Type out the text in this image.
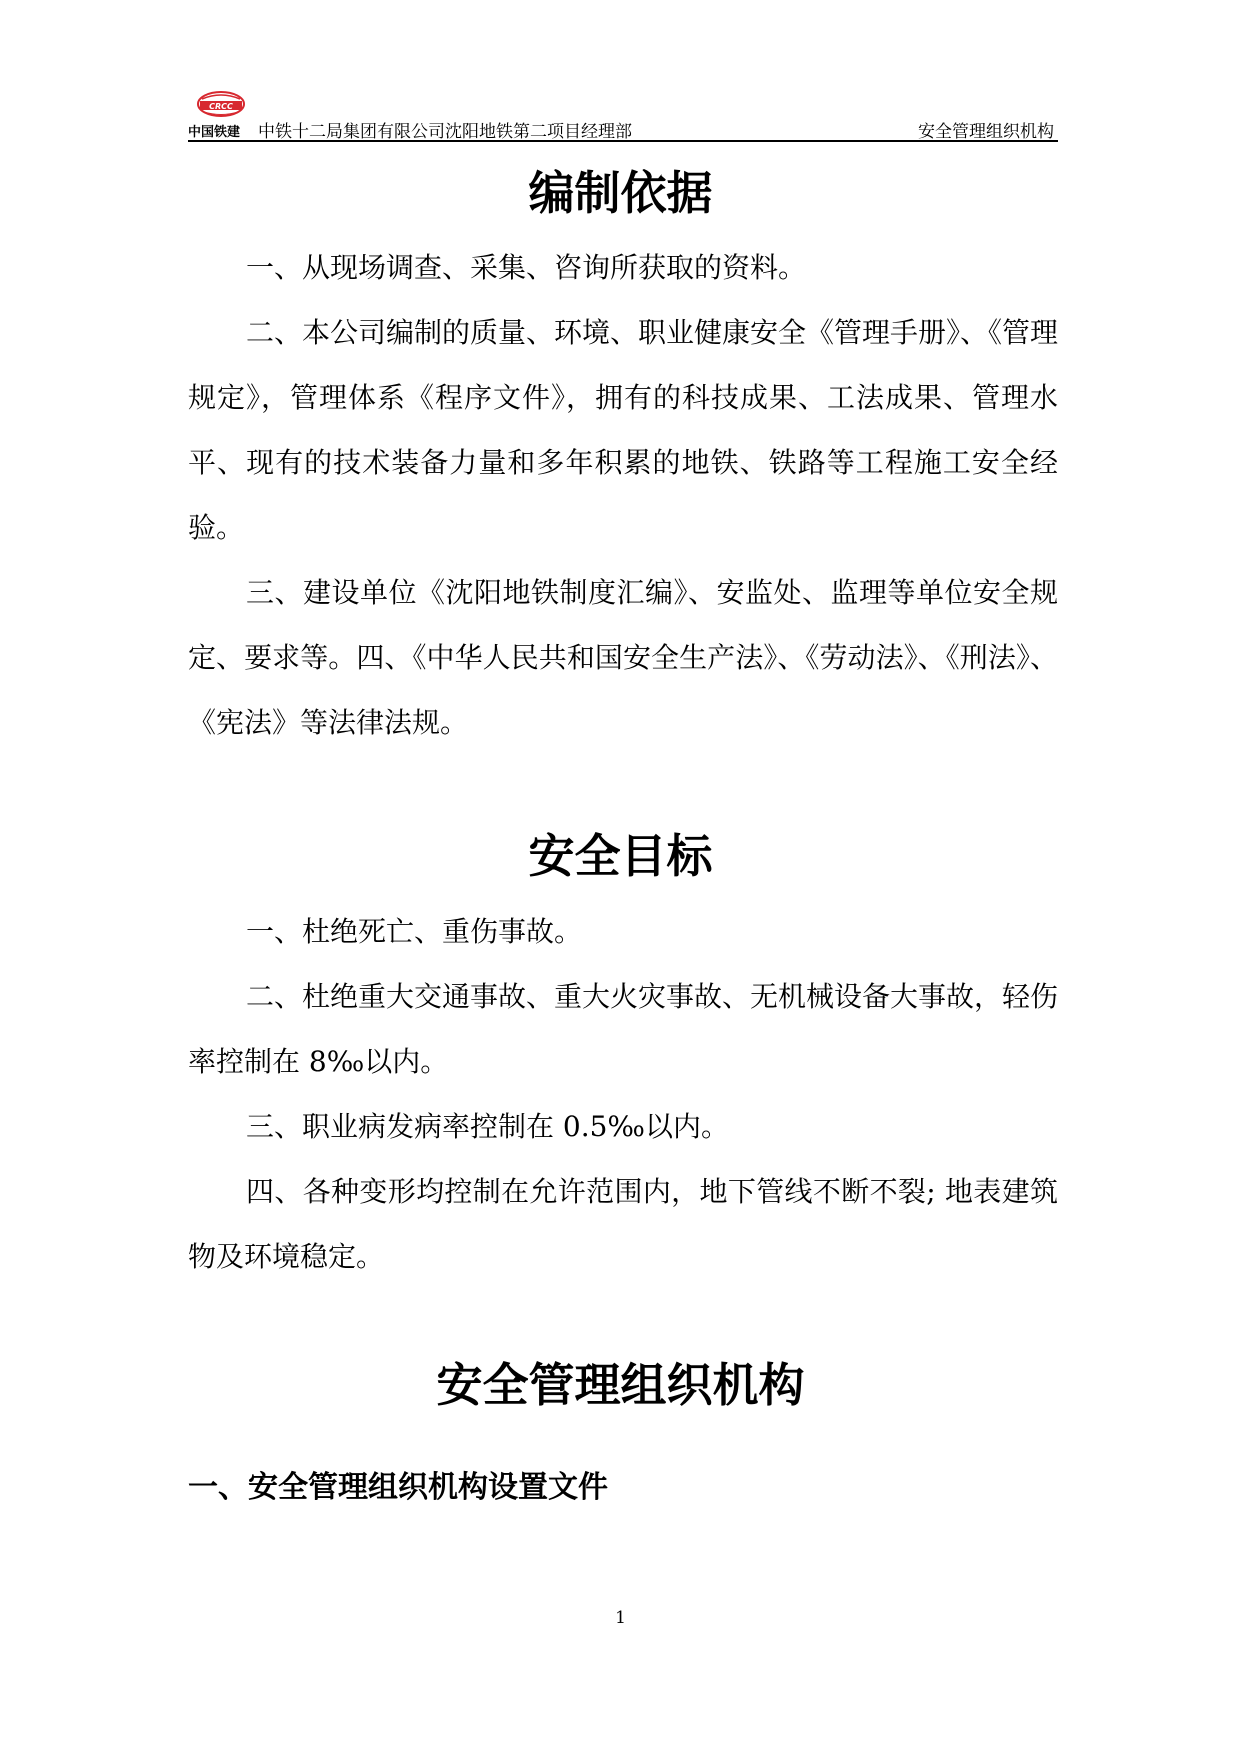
CRCC
中国铁建 中铁十二局集团有限公司沈阳地铁第二项目经理部	安全管理组织机构
编制依据
一、从现场调查、采集、咨询所获取的资料。
二、本公司编制的质量、环境、职业健康安全《管理手册》、《管理规定》，管理体系《程序文件》，拥有的科技成果、工法成果、管理水平、现有的技术装备力量和多年积累的地铁、铁路等工程施工安全经验。
三、建设单位《沈阳地铁制度汇编》、安监处、监理等单位安全规定、要求等。四、《中华人民共和国安全生产法》、《劳动法》、《刑法》、《宪法》等法律法规。
安全目标
一、杜绝死亡、重伤事故。
二、杜绝重大交通事故、重大火灾事故、无机械设备大事故，轻伤率控制在 8‰以内。
三、职业病发病率控制在 0.5‰以内。
四、各种变形均控制在允许范围内，地下管线不断不裂; 地表建筑物及环境稳定。
安全管理组织机构
一、安全管理组织机构设置文件
1
